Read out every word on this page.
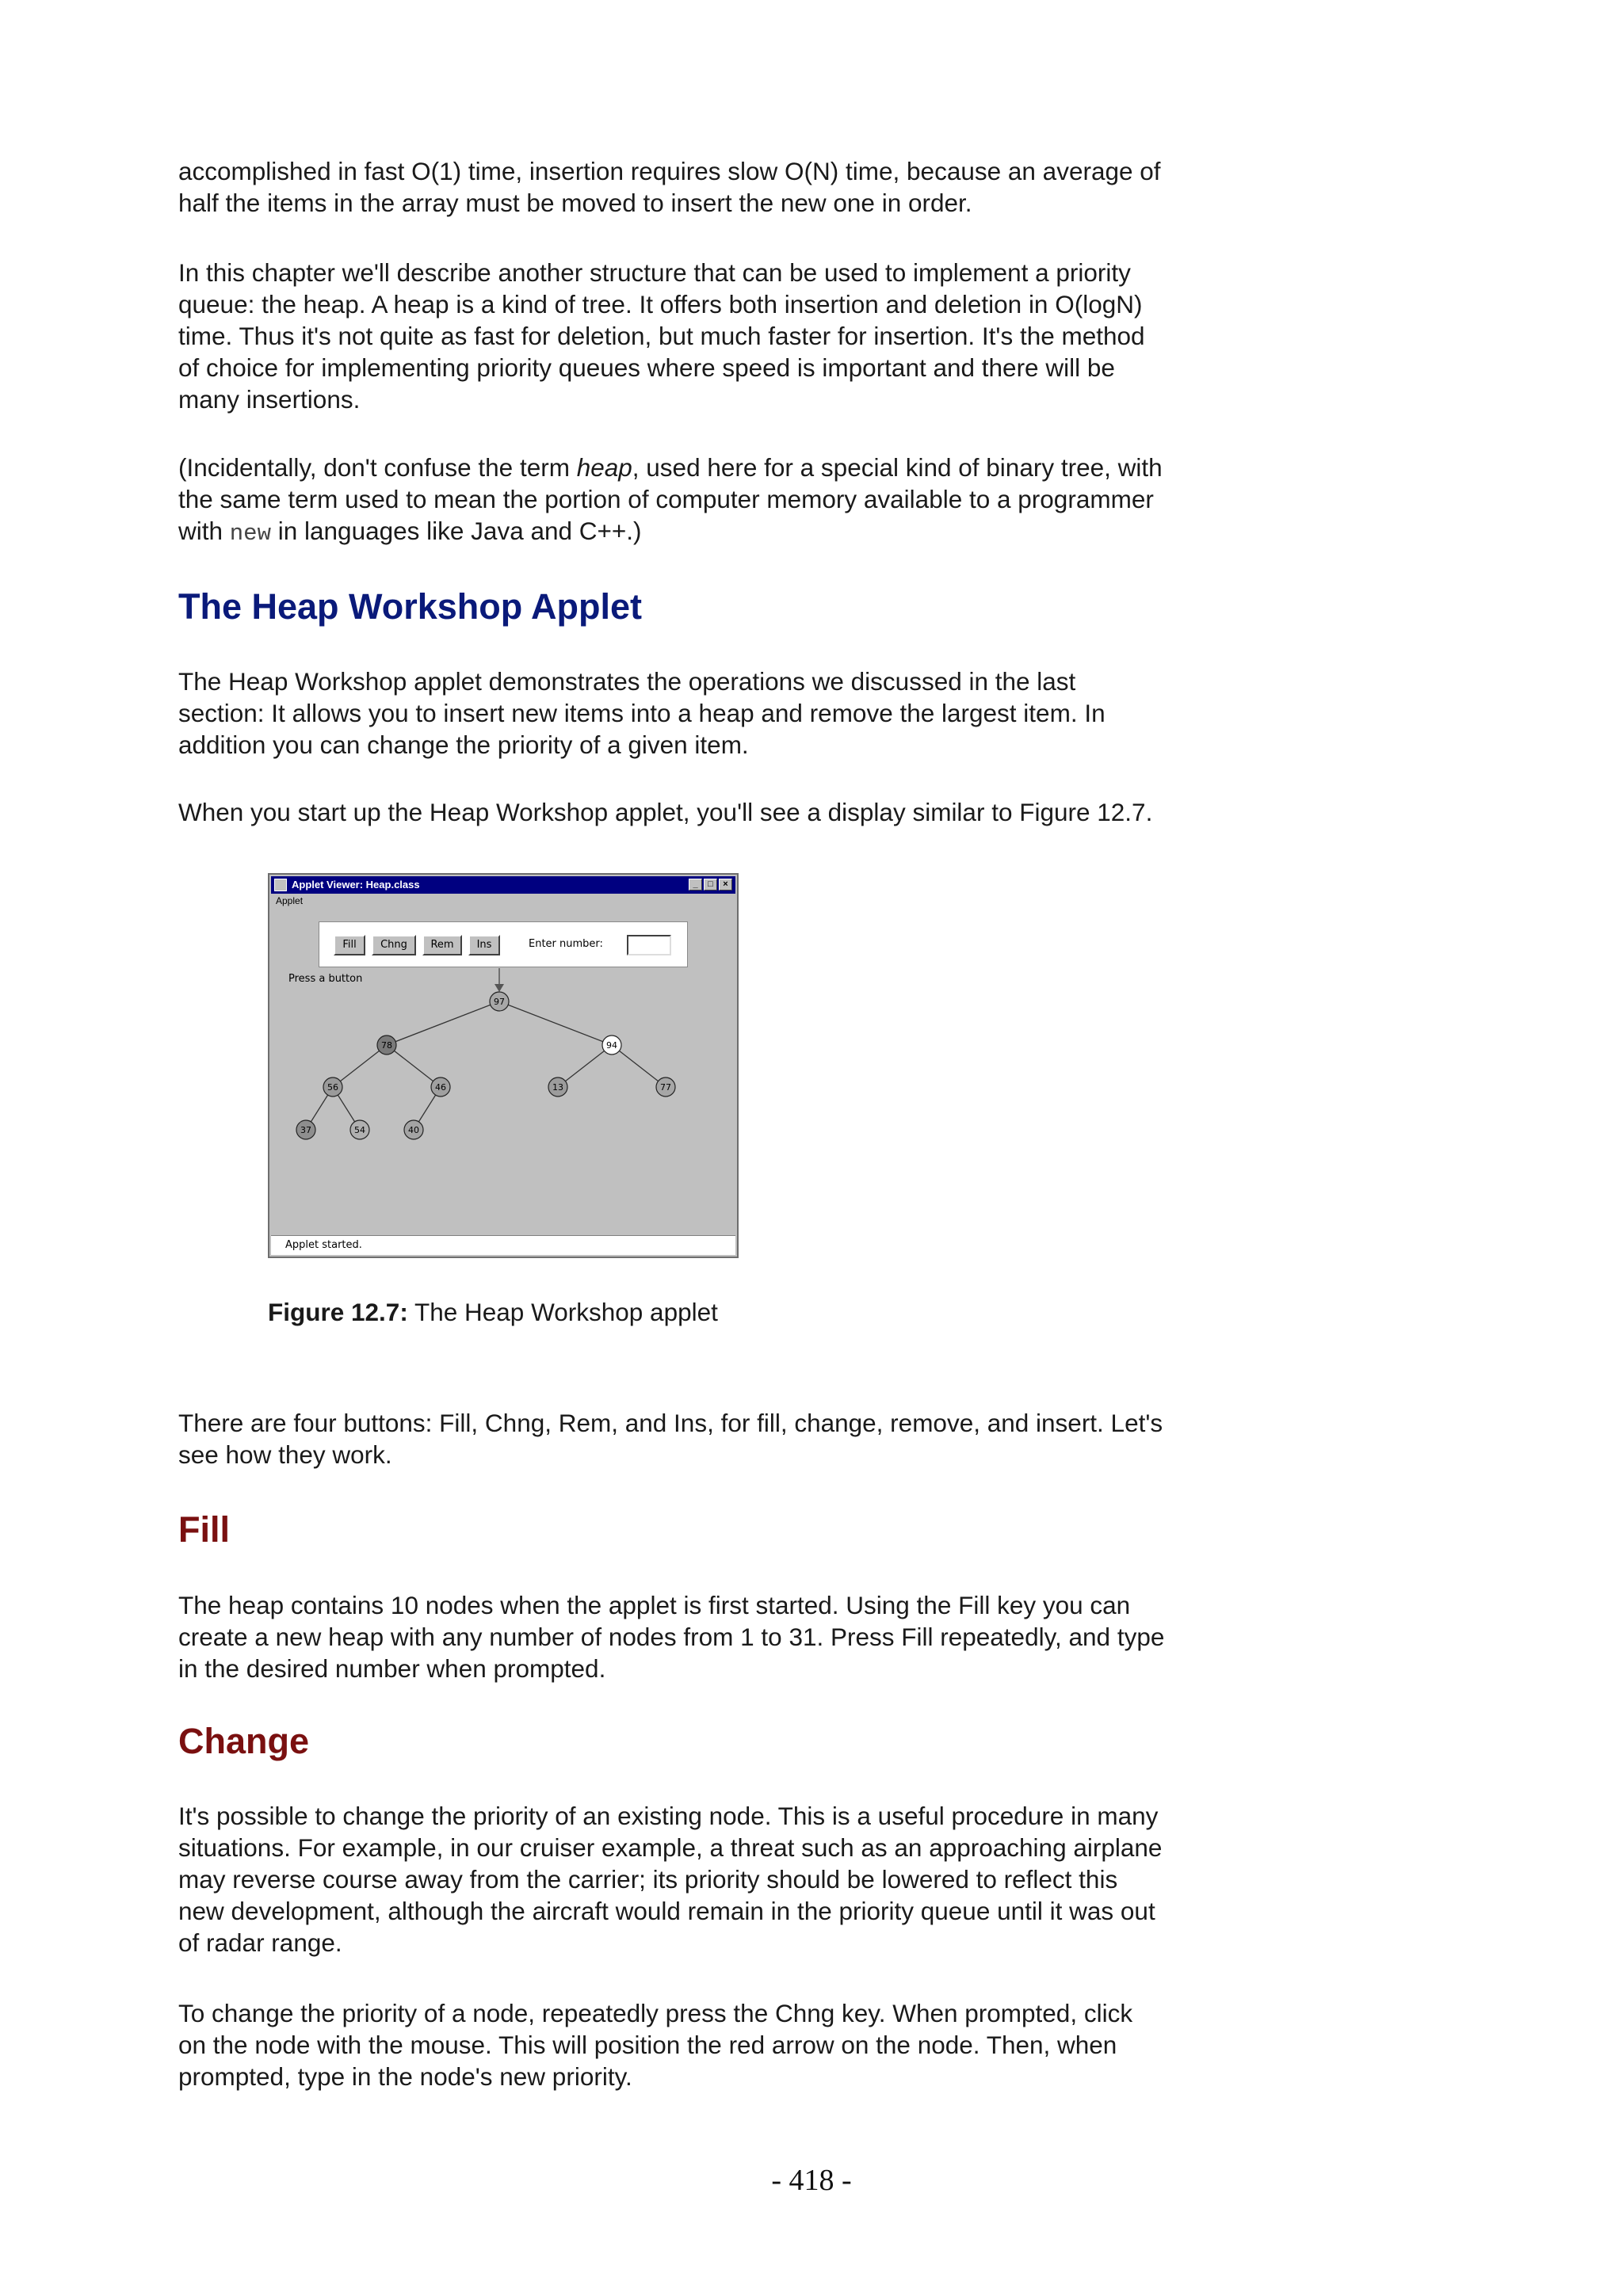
accomplished in fast O(1) time, insertion requires slow O(N) time, because an average of
half the items in the array must be moved to insert the new one in order.

In this chapter we'll describe another structure that can be used to implement a priority
queue: the heap. A heap is a kind of tree. It offers both insertion and deletion in O(logN)
time. Thus it's not quite as fast for deletion, but much faster for insertion. It's the method
of choice for implementing priority queues where speed is important and there will be
many insertions.

(Incidentally, don't confuse the term heap, used here for a special kind of binary tree, with
the same term used to mean the portion of computer memory available to a programmer
with new in languages like Java and C++.)

The Heap Workshop Applet

The Heap Workshop applet demonstrates the operations we discussed in the last
section: It allows you to insert new items into a heap and remove the largest item. In
addition you can change the priority of a given item.

When you start up the Heap Workshop applet, you'll see a display similar to Figure 12.7.

There are four buttons: Fill, Chng, Rem, and Ins, for fill, change, remove, and insert. Let's
see how they work.

Fill

The heap contains 10 nodes when the applet is first started. Using the Fill key you can
create a new heap with any number of nodes from 1 to 31. Press Fill repeatedly, and type
in the desired number when prompted.

Change

It's possible to change the priority of an existing node. This is a useful procedure in many
situations. For example, in our cruiser example, a threat such as an approaching airplane
may reverse course away from the carrier; its priority should be lowered to reflect this
new development, although the aircraft would remain in the priority queue until it was out
of radar range.

To change the priority of a node, repeatedly press the Chng key. When prompted, click
on the node with the mouse. This will position the red arrow on the node. Then, when
prompted, type in the node's new priority.

Applet Viewer: Heap.class	_	□	×
Applet
Fill	Chng	Rem	Ins	Enter number:
Press a button
97
78	94
56	46	13	77
37	54	40
Applet started.

Figure 12.7: The Heap Workshop applet

- 418 -
